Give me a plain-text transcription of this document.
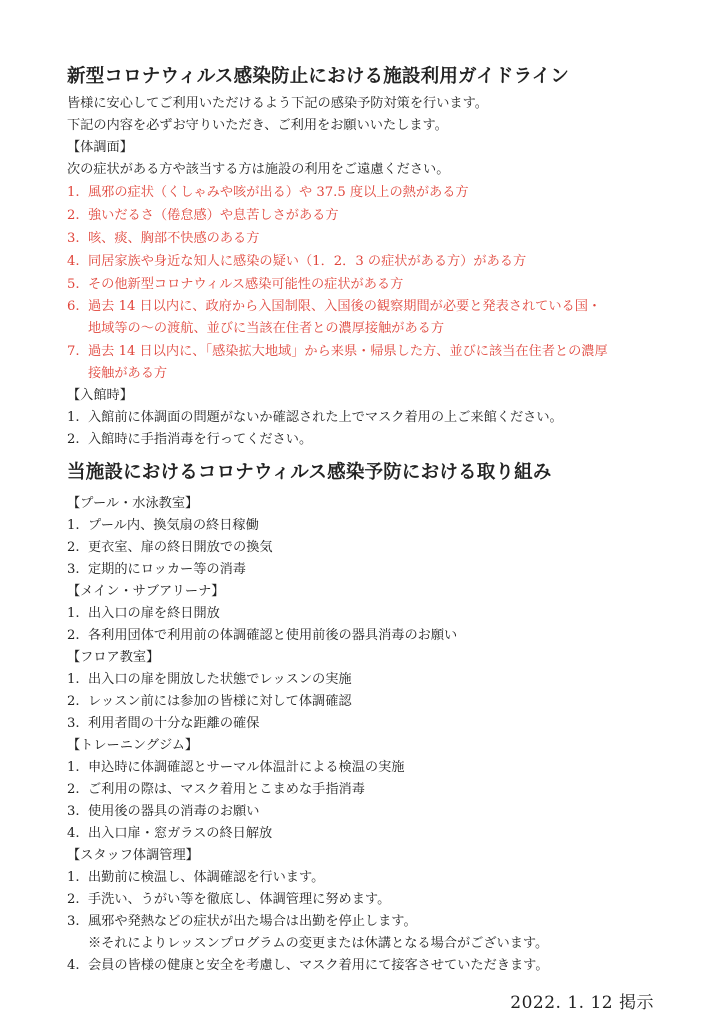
新型コロナウィルス感染防止における施設利用ガイドライン
皆様に安心してご利用いただけるよう下記の感染予防対策を行います。
下記の内容を必ずお守りいただき、ご利用をお願いいたします。
【体調面】
次の症状がある方や該当する方は施設の利用をご遠慮ください。
1. 風邪の症状（くしゃみや咳が出る）や 37.5 度以上の熱がある方
2. 強いだるさ（倦怠感）や息苦しさがある方
3. 咳、痰、胸部不快感のある方
4. 同居家族や身近な知人に感染の疑い（1．2．3 の症状がある方）がある方
5. その他新型コロナウィルス感染可能性の症状がある方
6. 過去 14 日以内に、政府から入国制限、入国後の観察期間が必要と発表されている国・
地域等の～の渡航、並びに当該在住者との濃厚接触がある方
7. 過去 14 日以内に、「感染拡大地域」から来県・帰県した方、並びに該当在住者との濃厚
接触がある方
【入館時】
1. 入館前に体調面の問題がないか確認された上でマスク着用の上ご来館ください。
2. 入館時に手指消毒を行ってください。
当施設におけるコロナウィルス感染予防における取り組み
【プール・水泳教室】
1. プール内、換気扇の終日稼働
2. 更衣室、扉の終日開放での換気
3. 定期的にロッカー等の消毒
【メイン・サブアリーナ】
1. 出入口の扉を終日開放
2. 各利用団体で利用前の体調確認と使用前後の器具消毒のお願い
【フロア教室】
1. 出入口の扉を開放した状態でレッスンの実施
2. レッスン前には参加の皆様に対して体調確認
3. 利用者間の十分な距離の確保
【トレーニングジム】
1. 申込時に体調確認とサーマル体温計による検温の実施
2. ご利用の際は、マスク着用とこまめな手指消毒
3. 使用後の器具の消毒のお願い
4. 出入口扉・窓ガラスの終日解放
【スタッフ体調管理】
1. 出勤前に検温し、体調確認を行います。
2. 手洗い、うがい等を徹底し、体調管理に努めます。
3. 風邪や発熱などの症状が出た場合は出勤を停止します。
※それによりレッスンプログラムの変更または休講となる場合がございます。
4. 会員の皆様の健康と安全を考慮し、マスク着用にて接客させていただきます。
2022. 1. 12 掲示
